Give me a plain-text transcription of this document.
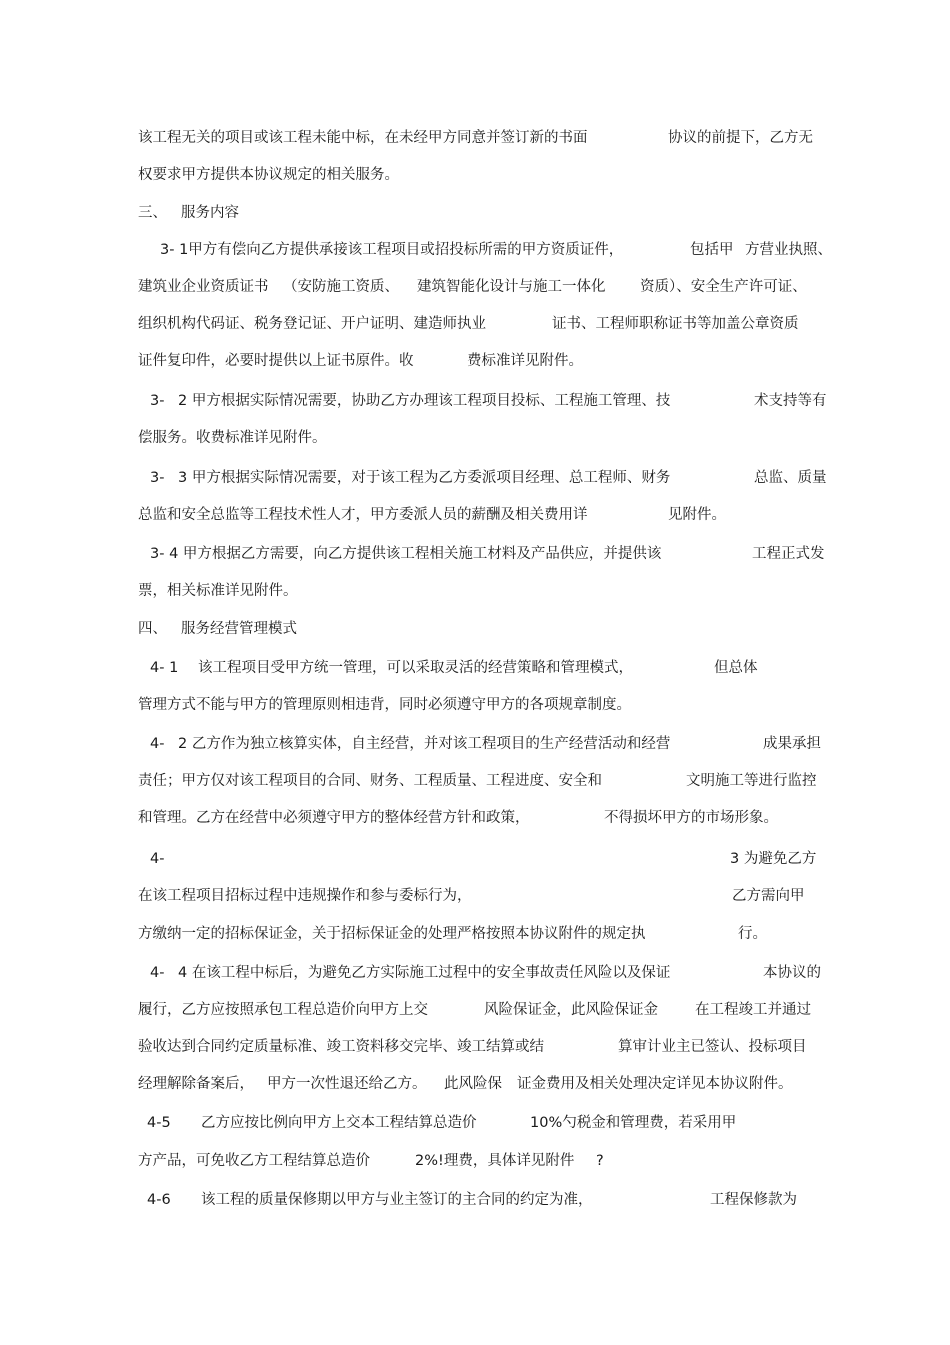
该工程无关的项目或该工程未能中标，在未经甲方同意并签订新的书面	协议的前提下，乙方无
权要求甲方提供本协议规定的相关服务。
三、 服务内容
3- 1甲方有偿向乙方提供承接该工程项目或招投标所需的甲方资质证件，	包括甲 方营业执照、
建筑业企业资质证书 （安防施工资质、 建筑智能化设计与施工一体化 资质）、安全生产许可证、
组织机构代码证、税务登记证、开户证明、建造师执业	证书、工程师职称证书等加盖公章资质
证件复印件，必要时提供以上证书原件。收	费标准详见附件。
3- 2 甲方根据实际情况需要，协助乙方办理该工程项目投标、工程施工管理、技	术支持等有
偿服务。收费标准详见附件。
3- 3 甲方根据实际情况需要，对于该工程为乙方委派项目经理、总工程师、财务	总监、质量
总监和安全总监等工程技术性人才，甲方委派人员的薪酬及相关费用详	见附件。
3- 4 甲方根据乙方需要，向乙方提供该工程相关施工材料及产品供应，并提供该	工程正式发
票，相关标准详见附件。
四、 服务经营管理模式
4- 1 该工程项目受甲方统一管理，可以采取灵活的经营策略和管理模式，	但总体
管理方式不能与甲方的管理原则相违背，同时必须遵守甲方的各项规章制度。
4- 2 乙方作为独立核算实体，自主经营，并对该工程项目的生产经营活动和经营	成果承担
责任；甲方仅对该工程项目的合同、财务、工程质量、工程进度、安全和	文明施工等进行监控
和管理。乙方在经营中必须遵守甲方的整体经营方针和政策，	不得损坏甲方的市场形象。
4-	3 为避免乙方
在该工程项目招标过程中违规操作和参与委标行为，	乙方需向甲
方缴纳一定的招标保证金，关于招标保证金的处理严格按照本协议附件的规定执	行。
4- 4 在该工程中标后，为避免乙方实际施工过程中的安全事故责任风险以及保证	本协议的
履行，乙方应按照承包工程总造价向甲方上交	风险保证金，此风险保证金	在工程竣工并通过
验收达到合同约定质量标准、竣工资料移交完毕、竣工结算或结	算审计业主已签认、投标项目
经理解除备案后， 甲方一次性退还给乙方。 此风险保 证金费用及相关处理决定详见本协议附件。
4-5 乙方应按比例向甲方上交本工程结算总造价	10%勺税金和管理费，若采用甲
方产品，可免收乙方工程结算总造价	2%!理费，具体详见附件 ?
4-6 该工程的质量保修期以甲方与业主签订的主合同的约定为准，	工程保修款为
